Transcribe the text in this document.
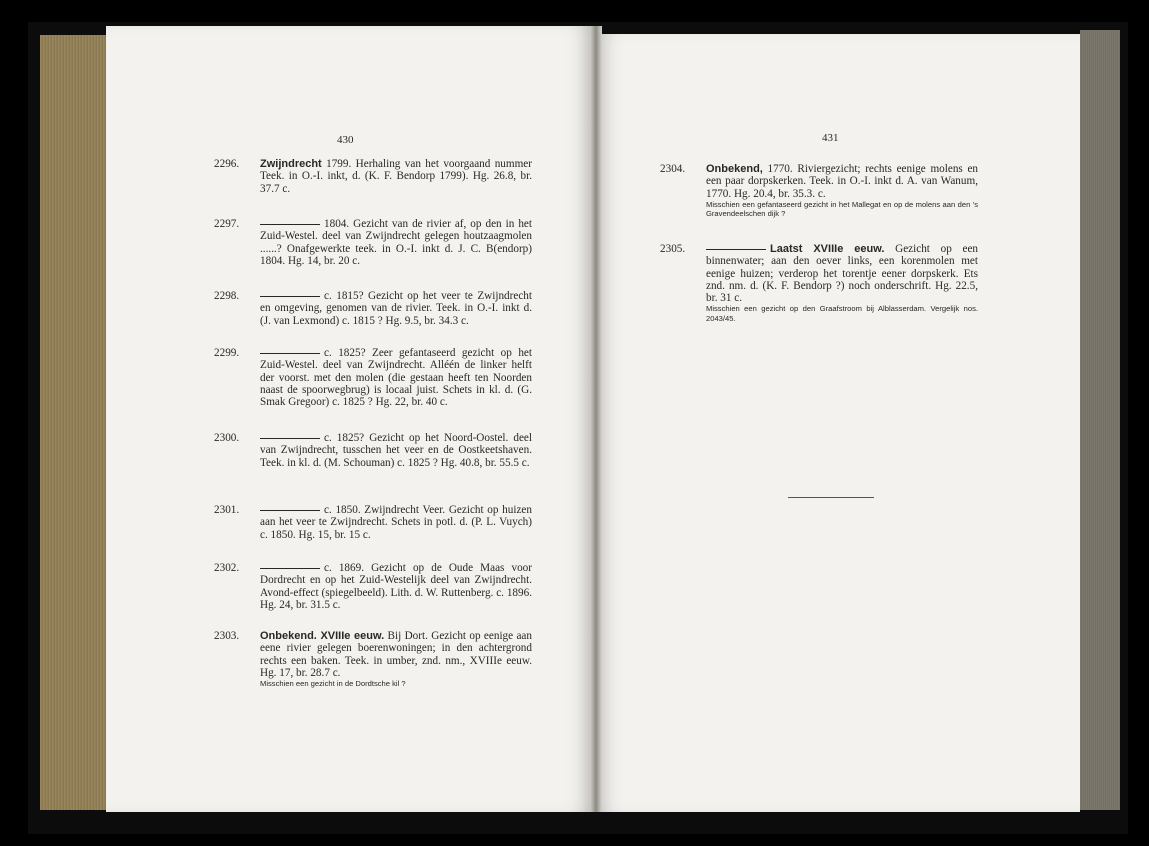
430	431
2296. Zwijndrecht 1799. Herhaling van het voorgaand nummer Teek. in O.-I. inkt, d. (K. F. Bendorp 1799). Hg. 26.8, br. 37.7 c.

2297.	1804. Gezicht van de rivier af, op den in het Zuid-Westel. deel van Zwijndrecht gelegen houtzaagmolen ......? Onafgewerkte teek. in O.-I. inkt d. J. C. B(endorp) 1804. Hg. 14, br. 20 c.

2298.	c. 1815? Gezicht op het veer te Zwijndrecht en omgeving, genomen van de rivier. Teek. in O.-I. inkt d. (J. van Lexmond) c. 1815 ? Hg. 9.5, br. 34.3 c.

2299.	c. 1825? Zeer gefantaseerd gezicht op het Zuid-Westel. deel van Zwijndrecht. Alléén de linker helft der voorst. met den molen (die gestaan heeft ten Noorden naast de spoorwegbrug) is locaal juist. Schets in kl. d. (G. Smak Gregoor) c. 1825 ? Hg. 22, br. 40 c.

2300.	c. 1825? Gezicht op het Noord-Oostel. deel van Zwijndrecht, tusschen het veer en de Oostkeetshaven. Teek. in kl. d. (M. Schouman) c. 1825 ? Hg. 40.8, br. 55.5 c.

2301.	c. 1850. Zwijndrecht Veer. Gezicht op huizen aan het veer te Zwijndrecht. Schets in potl. d. (P. L. Vuych) c. 1850. Hg. 15, br. 15 c.

2302.	c. 1869. Gezicht op de Oude Maas voor Dordrecht en op het Zuid-Westelijk deel van Zwijndrecht. Avond-effect (spiegelbeeld). Lith. d. W. Ruttenberg. c. 1896. Hg. 24, br. 31.5 c.

2303. Onbekend. XVIIIe eeuw. Bij Dort. Gezicht op eenige aan eene rivier gelegen boerenwoningen; in den achtergrond rechts een baken. Teek. in umber, znd. nm., XVIIIe eeuw. Hg. 17, br. 28.7 c.

Misschien een gezicht in de Dordtsche kil ?

2304. Onbekend, 1770. Riviergezicht; rechts eenige molens en een paar dorpskerken. Teek. in O.-I. inkt d. A. van Wanum, 1770. Hg. 20.4, br. 35.3. c.

Misschien een gefantaseerd gezicht in het Mallegat en op de molens aan den 's Gravendeelschen dijk ?

2305.	Laatst XVIIIe eeuw. Gezicht op een binnenwater; aan den oever links, een korenmolen met eenige huizen; verderop het torentje eener dorpskerk. Ets znd. nm. d. (K. F. Bendorp ?) noch onderschrift. Hg. 22.5, br. 31 c.

Misschien een gezicht op den Graafstroom bij Alblasserdam. Vergelijk nos. 2043/45.
